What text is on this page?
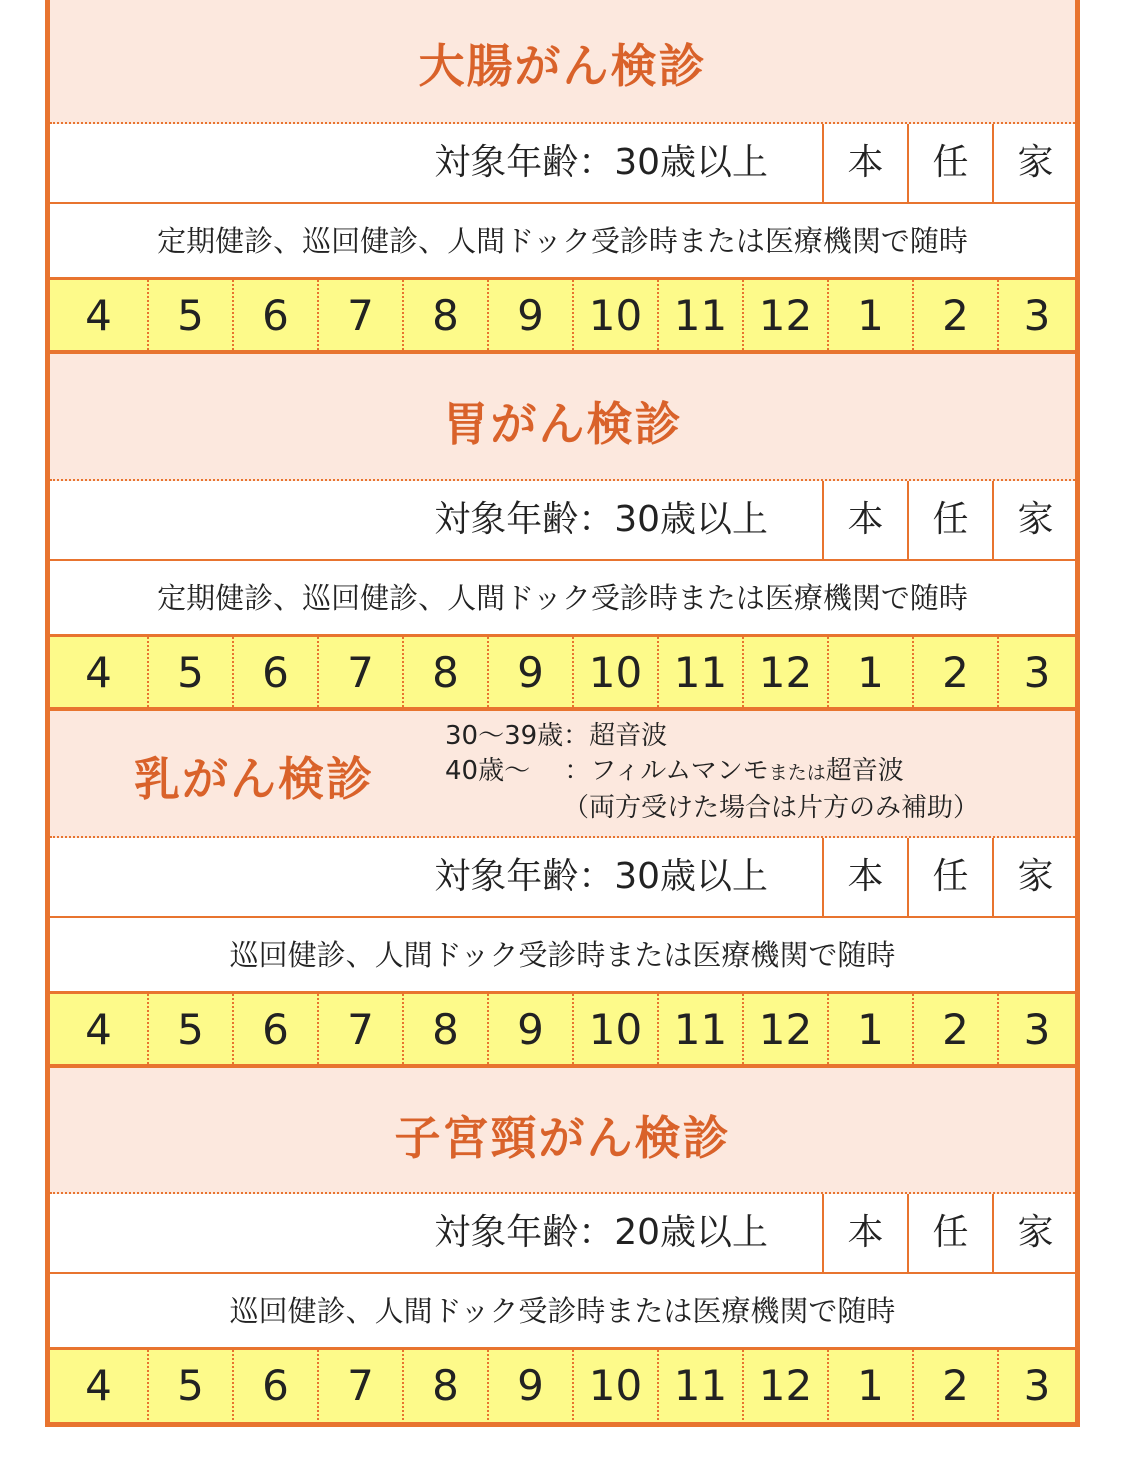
大腸がん検診
対象年齢：30歳以上	本	任	家
定期健診、巡回健診、人間ドック受診時または医療機関で随時
4	5	6	7	8	9	10 11 12	1	2	3
胃がん検診
対象年齢：30歳以上	本	任	家
定期健診、巡回健診、人間ドック受診時または医療機関で随時
4	5	6	7	8	9	10 11 12	1	2	3
乳がん検診
30～39歳：超音波
40歳～　 ：フィルムマンモまたは超音波
（両方受けた場合は片方のみ補助）
対象年齢：30歳以上	本	任	家
巡回健診、人間ドック受診時または医療機関で随時
4	5	6	7	8	9	10 11 12	1	2	3
子宮頸がん検診
対象年齢：20歳以上	本	任	家
巡回健診、人間ドック受診時または医療機関で随時
4	5	6	7	8	9	10 11 12	1	2	3
